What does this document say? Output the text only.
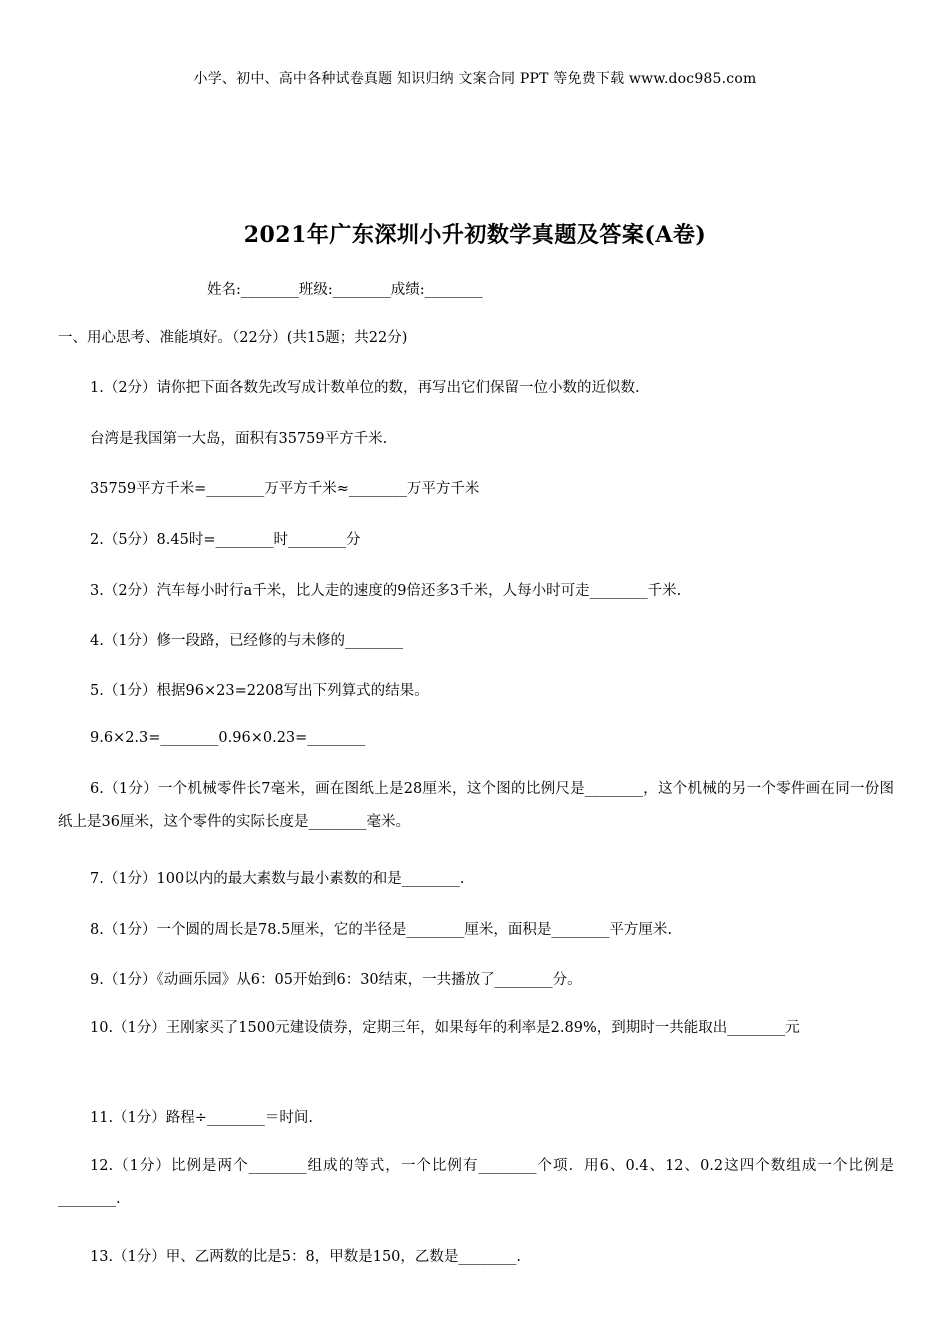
小学、初中、高中各种试卷真题 知识归纳 文案合同 PPT 等免费下载 www.doc985.com
2021年广东深圳小升初数学真题及答案(A卷)
姓名:________班级:________成绩:________
一、用心思考、准能填好。（22分）(共15题；共22分)
1.（2分）请你把下面各数先改写成计数单位的数，再写出它们保留一位小数的近似数.
台湾是我国第一大岛，面积有35759平方千米.
35759平方千米=________万平方千米≈________万平方千米
2.（5分）8.45时=________时________分
3.（2分）汽车每小时行a千米，比人走的速度的9倍还多3千米，人每小时可走________千米.
4.（1分）修一段路，已经修的与未修的________
5.（1分）根据96×23=2208写出下列算式的结果。
9.6×2.3=________0.96×0.23=________
6.（1分）一个机械零件长7毫米，画在图纸上是28厘米，这个图的比例尺是________，这个机械的另一个零件画在同一份图纸上是36厘米，这个零件的实际长度是________毫米。
7.（1分）100以内的最大素数与最小素数的和是________.
8.（1分）一个圆的周长是78.5厘米，它的半径是________厘米，面积是________平方厘米.
9.（1分）《动画乐园》从6：05开始到6：30结束，一共播放了________分。
10.（1分）王刚家买了1500元建设债券，定期三年，如果每年的利率是2.89%，到期时一共能取出________元
11.（1分）路程÷________＝时间.
12.（1分）比例是两个________组成的等式，一个比例有________个项．用6、0.4、12、0.2这四个数组成一个比例是________.
13.（1分）甲、乙两数的比是5：8，甲数是150，乙数是________.
